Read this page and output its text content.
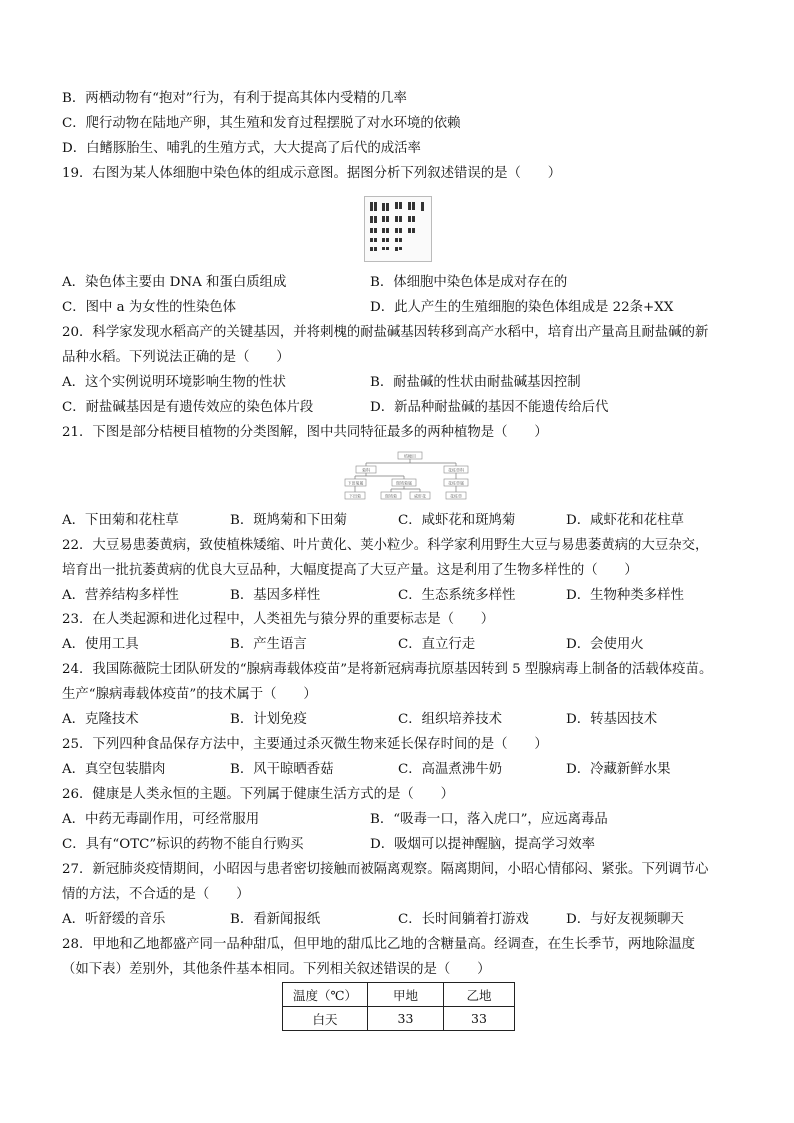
B．两栖动物有“抱对”行为，有利于提高其体内受精的几率
C．爬行动物在陆地产卵，其生殖和发育过程摆脱了对水环境的依赖
D．白鳍豚胎生、哺乳的生殖方式，大大提高了后代的成活率
19．右图为某人体细胞中染色体的组成示意图。据图分析下列叙述错误的是（　　）
A．染色体主要由 DNA 和蛋白质组成	B．体细胞中染色体是成对存在的
C．图中 a 为女性的性染色体	D．此人产生的生殖细胞的染色体组成是 22条+XX
20．科学家发现水稻高产的关键基因，并将刺槐的耐盐碱基因转移到高产水稻中，培育出产量高且耐盐碱的新
品种水稻。下列说法正确的是（　　）
A．这个实例说明环境影响生物的性状	B．耐盐碱的性状由耐盐碱基因控制
C．耐盐碱基因是有遗传效应的染色体片段	D．新品种耐盐碱的基因不能遗传给后代
21．下图是部分桔梗目植物的分类图解，图中共同特征最多的两种植物是（　　）
桔梗目
菊科	花柱草科
下田菊属	斑鸠菊属	花柱草属
下田菊	斑鸠菊	咸虾花	花柱草
A．下田菊和花柱草	B．斑鸠菊和下田菊	C．咸虾花和斑鸠菊	D．咸虾花和花柱草
22．大豆易患萎黄病，致使植株矮缩、叶片黄化、荚小粒少。科学家利用野生大豆与易患萎黄病的大豆杂交，
培育出一批抗萎黄病的优良大豆品种，大幅度提高了大豆产量。这是利用了生物多样性的（　　）
A．营养结构多样性	B．基因多样性	C．生态系统多样性	D．生物种类多样性
23．在人类起源和进化过程中，人类祖先与猿分界的重要标志是（　　）
A．使用工具	B．产生语言	C．直立行走	D．会使用火
24．我国陈薇院士团队研发的“腺病毒载体疫苗”是将新冠病毒抗原基因转到 5 型腺病毒上制备的活载体疫苗。
生产“腺病毒载体疫苗”的技术属于（　　）
A．克隆技术	B．计划免疫	C．组织培养技术	D．转基因技术
25．下列四种食品保存方法中，主要通过杀灭微生物来延长保存时间的是（　　）
A．真空包装腊肉	B．风干晾晒香菇	C．高温煮沸牛奶	D．冷藏新鲜水果
26．健康是人类永恒的主题。下列属于健康生活方式的是（　　）
A．中药无毒副作用，可经常服用	B．“吸毒一口，落入虎口”，应远离毒品
C．具有“OTC”标识的药物不能自行购买	D．吸烟可以提神醒脑，提高学习效率
27．新冠肺炎疫情期间，小昭因与患者密切接触而被隔离观察。隔离期间，小昭心情郁闷、紧张。下列调节心
情的方法，不合适的是（　　）
A．听舒缓的音乐	B．看新闻报纸	C．长时间躺着打游戏	D．与好友视频聊天
28．甲地和乙地都盛产同一品种甜瓜，但甲地的甜瓜比乙地的含糖量高。经调查，在生长季节，两地除温度
（如下表）差别外，其他条件基本相同。下列相关叙述错误的是（　　）
温度（℃）	甲地	乙地
白天	33	33
